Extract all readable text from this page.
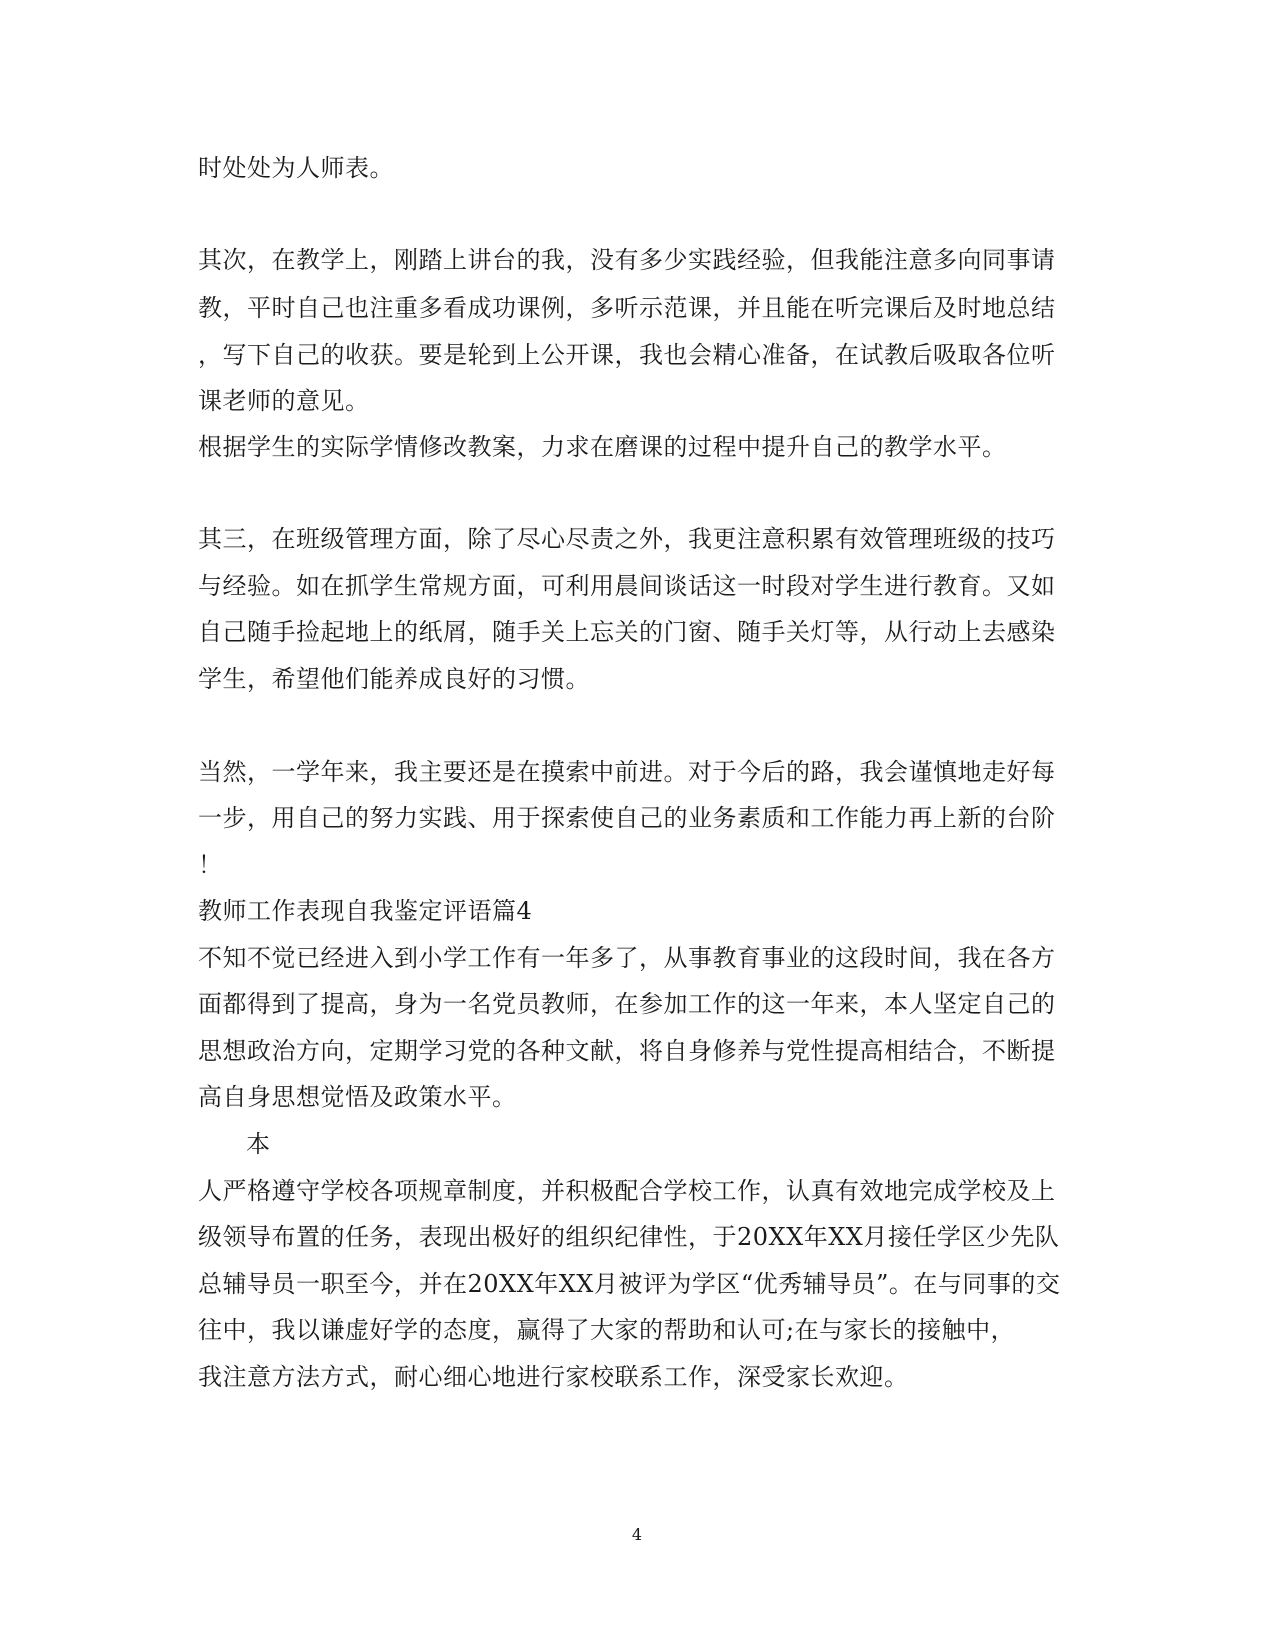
时处处为人师表。
其次，在教学上，刚踏上讲台的我，没有多少实践经验，但我能注意多向同事请
教，平时自己也注重多看成功课例，多听示范课，并且能在听完课后及时地总结
，写下自己的收获。要是轮到上公开课，我也会精心准备，在试教后吸取各位听
课老师的意见。
根据学生的实际学情修改教案，力求在磨课的过程中提升自己的教学水平。
其三，在班级管理方面，除了尽心尽责之外，我更注意积累有效管理班级的技巧
与经验。如在抓学生常规方面，可利用晨间谈话这一时段对学生进行教育。又如
自己随手捡起地上的纸屑，随手关上忘关的门窗、随手关灯等，从行动上去感染
学生，希望他们能养成良好的习惯。
当然，一学年来，我主要还是在摸索中前进。对于今后的路，我会谨慎地走好每
一步，用自己的努力实践、用于探索使自己的业务素质和工作能力再上新的台阶
！
教师工作表现自我鉴定评语篇4
不知不觉已经进入到小学工作有一年多了，从事教育事业的这段时间，我在各方
面都得到了提高，身为一名党员教师，在参加工作的这一年来，本人坚定自己的
思想政治方向，定期学习党的各种文献，将自身修养与党性提高相结合，不断提
高自身思想觉悟及政策水平。
本
人严格遵守学校各项规章制度，并积极配合学校工作，认真有效地完成学校及上
级领导布置的任务，表现出极好的组织纪律性，于20XX年XX月接任学区少先队
总辅导员一职至今，并在20XX年XX月被评为学区“优秀辅导员”。在与同事的交
往中，我以谦虚好学的态度，赢得了大家的帮助和认可;在与家长的接触中，
我注意方法方式，耐心细心地进行家校联系工作，深受家长欢迎。
4
